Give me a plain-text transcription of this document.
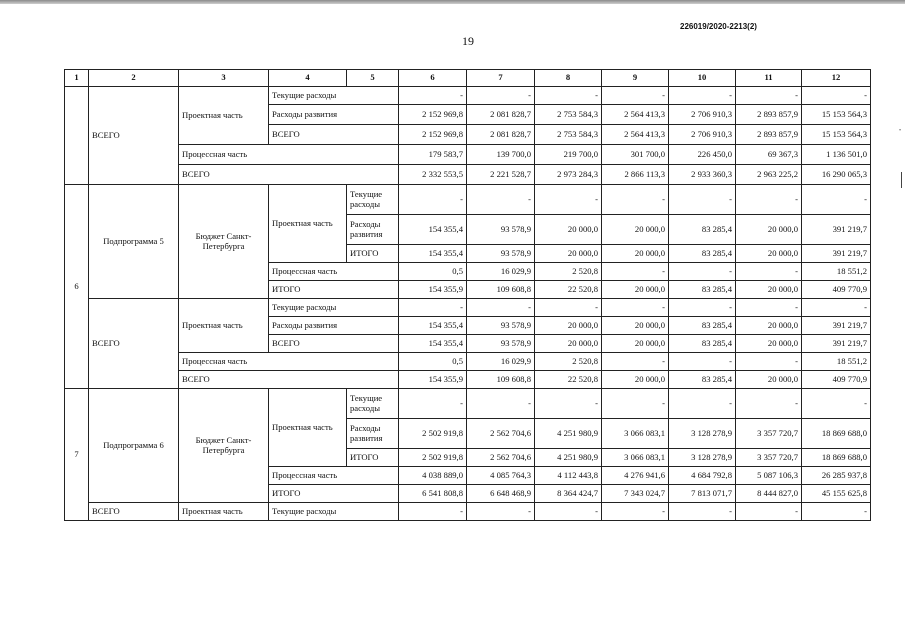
226019/2020-2213(2)
19
•
1	2	3	4	5	6	7	8	9	10	11	12
	ВСЕГО	Проектная часть	Текущие расходы		-	-	-	-	-	-	-
			Расходы развития		2 152 969,8	2 081 828,7	2 753 584,3	2 564 413,3	2 706 910,3	2 893 857,9	15 153 564,3
			ВСЕГО		2 152 969,8	2 081 828,7	2 753 584,3	2 564 413,3	2 706 910,3	2 893 857,9	15 153 564,3
		Процессная часть			179 583,7	139 700,0	219 700,0	301 700,0	226 450,0	69 367,3	1 136 501,0
		ВСЕГО			2 332 553,5	2 221 528,7	2 973 284,3	2 866 113,3	2 933 360,3	2 963 225,2	16 290 065,3
6	Подпрограмма 5	Бюджет Санкт-Петербурга	Проектная часть	Текущие расходы	-	-	-	-	-	-	-
				Расходы развития	154 355,4	93 578,9	20 000,0	20 000,0	83 285,4	20 000,0	391 219,7
				ИТОГО	154 355,4	93 578,9	20 000,0	20 000,0	83 285,4	20 000,0	391 219,7
			Процессная часть		0,5	16 029,9	2 520,8	-	-	-	18 551,2
			ИТОГО		154 355,9	109 608,8	22 520,8	20 000,0	83 285,4	20 000,0	409 770,9
	ВСЕГО	Проектная часть	Текущие расходы		-	-	-	-	-	-	-
			Расходы развития		154 355,4	93 578,9	20 000,0	20 000,0	83 285,4	20 000,0	391 219,7
			ВСЕГО		154 355,4	93 578,9	20 000,0	20 000,0	83 285,4	20 000,0	391 219,7
		Процессная часть			0,5	16 029,9	2 520,8	-	-	-	18 551,2
		ВСЕГО			154 355,9	109 608,8	22 520,8	20 000,0	83 285,4	20 000,0	409 770,9
7	Подпрограмма 6	Бюджет Санкт-Петербурга	Проектная часть	Текущие расходы	-	-	-	-	-	-	-
				Расходы развития	2 502 919,8	2 562 704,6	4 251 980,9	3 066 083,1	3 128 278,9	3 357 720,7	18 869 688,0
				ИТОГО	2 502 919,8	2 562 704,6	4 251 980,9	3 066 083,1	3 128 278,9	3 357 720,7	18 869 688,0
			Процессная часть		4 038 889,0	4 085 764,3	4 112 443,8	4 276 941,6	4 684 792,8	5 087 106,3	26 285 937,8
			ИТОГО		6 541 808,8	6 648 468,9	8 364 424,7	7 343 024,7	7 813 071,7	8 444 827,0	45 155 625,8
	ВСЕГО	Проектная часть	Текущие расходы		-	-	-	-	-	-	-
